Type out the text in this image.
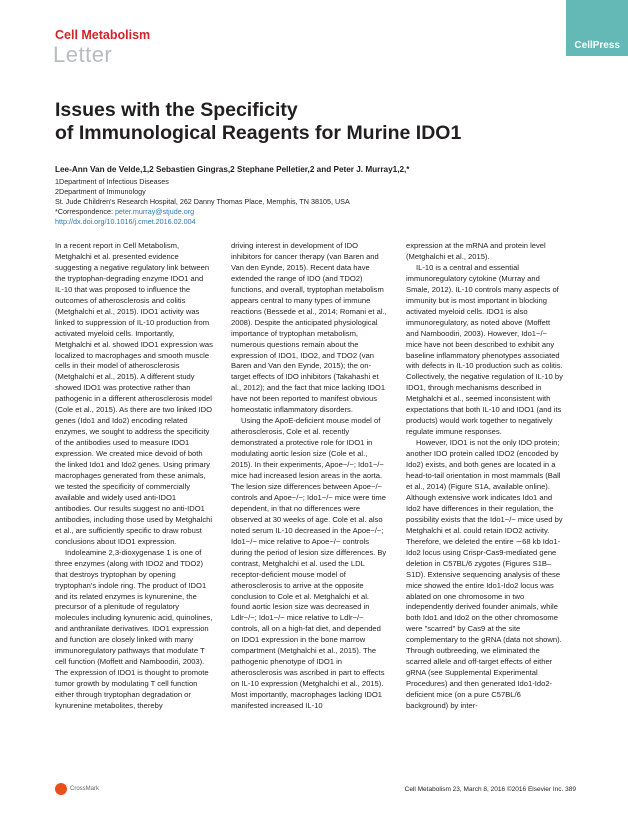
CellPress
Cell Metabolism
Letter
Issues with the Specificity
of Immunological Reagents for Murine IDO1
Lee-Ann Van de Velde,1,2 Sebastien Gingras,2 Stephane Pelletier,2 and Peter J. Murray1,2,*
1Department of Infectious Diseases
2Department of Immunology
St. Jude Children's Research Hospital, 262 Danny Thomas Place, Memphis, TN 38105, USA
*Correspondence: peter.murray@stjude.org
http://dx.doi.org/10.1016/j.cmet.2016.02.004

In a recent report in Cell Metabolism, Metghalchi et al. presented evidence suggesting a negative regulatory link between the tryptophan-degrading enzyme IDO1 and IL-10 that was proposed to influence the outcomes of atherosclerosis and colitis (Metghalchi et al., 2015). IDO1 activity was linked to suppression of IL-10 production from activated myeloid cells. Importantly, Metghalchi et al. showed IDO1 expression was localized to macrophages and smooth muscle cells in their model of atherosclerosis (Metghalchi et al., 2015). A different study showed IDO1 was protective rather than pathogenic in a different atherosclerosis model (Cole et al., 2015). As there are two linked IDO genes (Ido1 and Ido2) encoding related enzymes, we sought to address the specificity of the antibodies used to measure IDO1 expression. We created mice devoid of both the linked Ido1 and Ido2 genes. Using primary macrophages generated from these animals, we tested the specificity of commercially available and widely used anti-IDO1 antibodies. Our results suggest no anti-IDO1 antibodies, including those used by Metghalchi et al., are sufficiently specific to draw robust conclusions about IDO1 expression.

Indoleamine 2,3-dioxygenase 1 is one of three enzymes (along with IDO2 and TDO2) that destroys tryptophan by opening tryptophan's indole ring. The product of IDO1 and its related enzymes is kynurenine, the precursor of a plenitude of regulatory molecules including kynurenic acid, quinolines, and anthranilate derivatives. IDO1 expression and function are closely linked with many immunoregulatory pathways that modulate T cell function (Moffett and Namboodiri, 2003). The expression of IDO1 is thought to promote tumor growth by modulating T cell function either through tryptophan degradation or kynurenine metabolites, thereby

driving interest in development of IDO inhibitors for cancer therapy (van Baren and Van den Eynde, 2015). Recent data have extended the range of IDO (and TDO2) functions, and overall, tryptophan metabolism appears central to many types of immune reactions (Bessede et al., 2014; Romani et al., 2008). Despite the anticipated physiological importance of tryptophan metabolism, numerous questions remain about the expression of IDO1, IDO2, and TDO2 (van Baren and Van den Eynde, 2015); the on-target effects of IDO inhibitors (Takahashi et al., 2012); and the fact that mice lacking IDO1 have not been reported to manifest obvious homeostatic inflammatory disorders.

Using the ApoE-deficient mouse model of atherosclerosis, Cole et al. recently demonstrated a protective role for IDO1 in modulating aortic lesion size (Cole et al., 2015). In their experiments, Apoe−/−; Ido1−/− mice had increased lesion areas in the aorta. The lesion size differences between Apoe−/− controls and Apoe−/−; Ido1−/− mice were time dependent, in that no differences were observed at 30 weeks of age. Cole et al. also noted serum IL-10 decreased in the Apoe−/−; Ido1−/− mice relative to Apoe−/− controls during the period of lesion size differences. By contrast, Metghalchi et al. used the LDL receptor-deficient mouse model of atherosclerosis to arrive at the opposite conclusion to Cole et al. Metghalchi et al. found aortic lesion size was decreased in Ldlr−/−; Ido1−/− mice relative to Ldlr−/− controls, all on a high-fat diet, and depended on IDO1 expression in the bone marrow compartment (Metghalchi et al., 2015). The pathogenic phenotype of IDO1 in atherosclerosis was ascribed in part to effects on IL-10 expression (Metghalchi et al., 2015). Most importantly, macrophages lacking IDO1 manifested increased IL-10

expression at the mRNA and protein level (Metghalchi et al., 2015).

IL-10 is a central and essential immunoregulatory cytokine (Murray and Smale, 2012). IL-10 controls many aspects of immunity but is most important in blocking activated myeloid cells. IDO1 is also immunoregulatory, as noted above (Moffett and Namboodiri, 2003). However, Ido1−/− mice have not been described to exhibit any baseline inflammatory phenotypes associated with defects in IL-10 production such as colitis. Collectively, the negative regulation of IL-10 by IDO1, through mechanisms described in Metghalchi et al., seemed inconsistent with expectations that both IL-10 and IDO1 (and its products) would work together to negatively regulate immune responses.

However, IDO1 is not the only IDO protein; another IDO protein called IDO2 (encoded by Ido2) exists, and both genes are located in a head-to-tail orientation in most mammals (Ball et al., 2014) (Figure S1A, available online). Although extensive work indicates Ido1 and Ido2 have differences in their regulation, the possibility exists that the Ido1−/− mice used by Metghalchi et al. could retain IDO2 activity. Therefore, we deleted the entire ∼68 kb Ido1-Ido2 locus using Crispr-Cas9-mediated gene deletion in C57BL/6 zygotes (Figures S1B–S1D). Extensive sequencing analysis of these mice showed the entire Ido1-Ido2 locus was ablated on one chromosome in two independently derived founder animals, while both Ido1 and Ido2 on the other chromosome were "scarred" by Cas9 at the site complementary to the gRNA (data not shown). Through outbreeding, we eliminated the scarred allele and off-target effects of either gRNA (see Supplemental Experimental Procedures) and then generated Ido1-Ido2-deficient mice (on a pure C57BL/6 background) by inter-

CrossMark	Cell Metabolism 23, March 8, 2016 ©2016 Elsevier Inc. 389
